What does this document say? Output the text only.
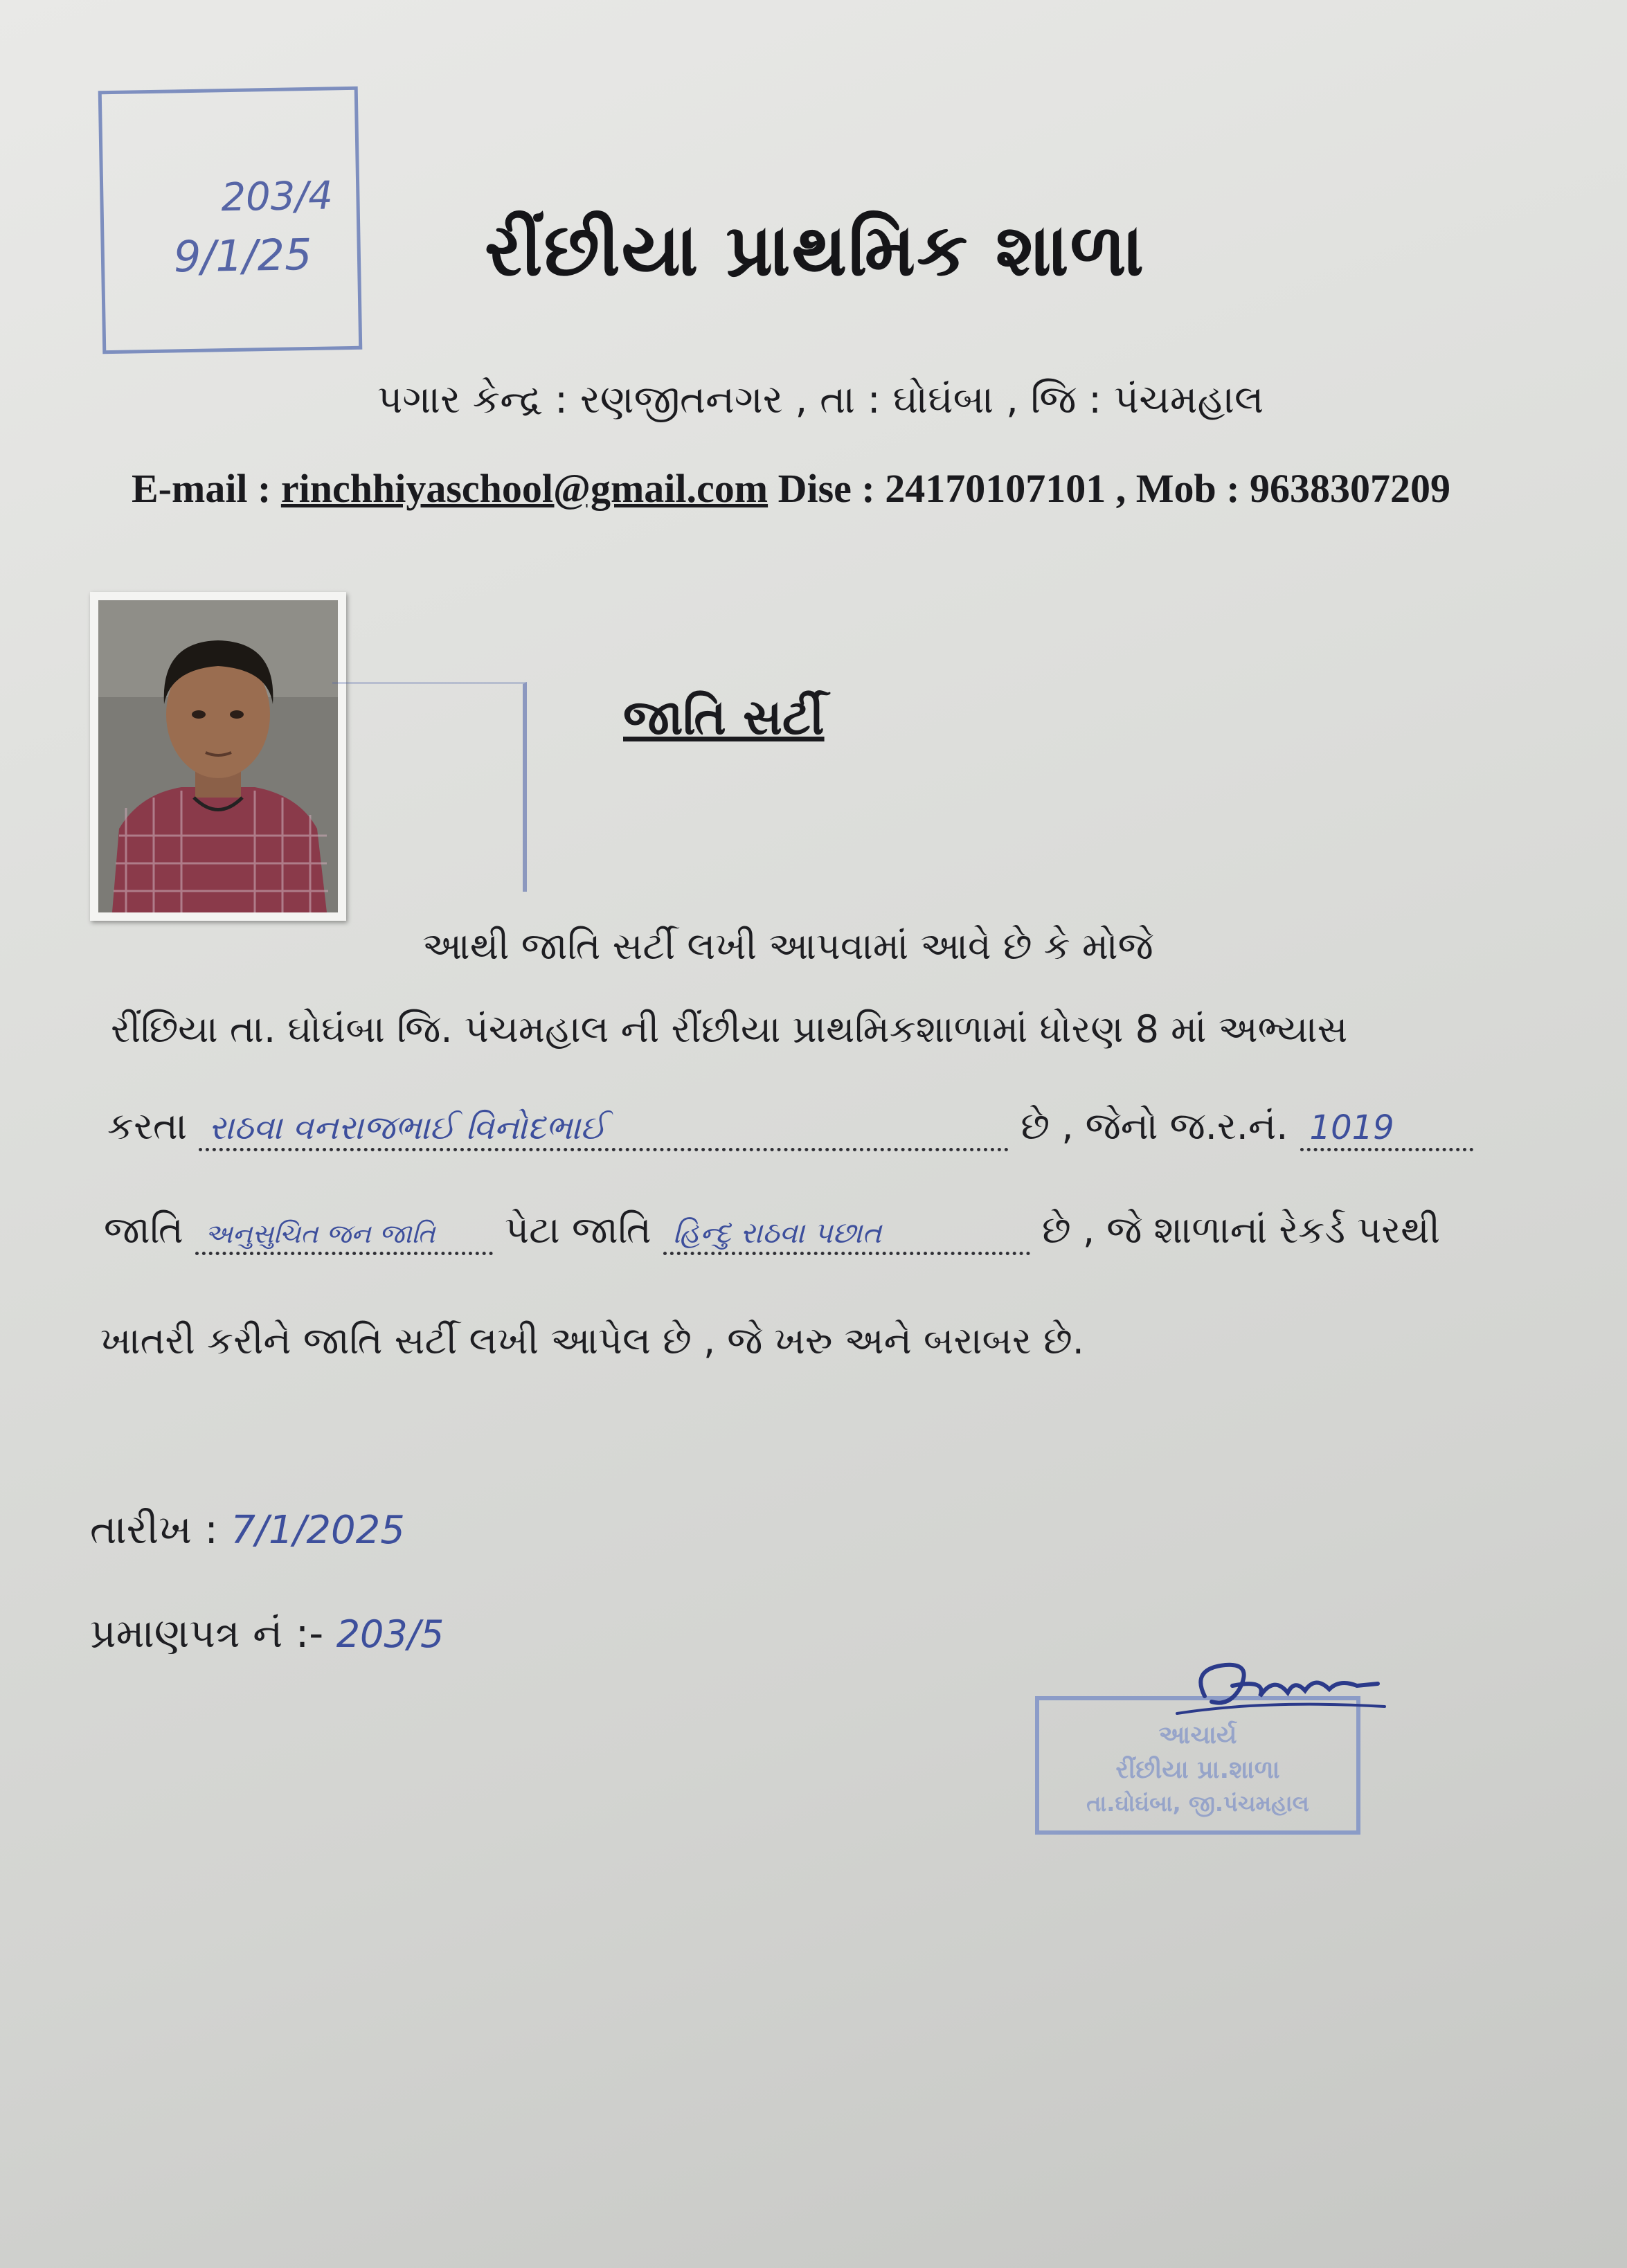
203/4
9/1/25 રીંછીયા પ્રાથમિક શાળા
પગાર કેન્દ્ર : રણજીતનગર , તા : ઘોઘંબા , જિ : પંચમહાલ
E-mail : rinchhiyaschool@gmail.com Dise : 24170107101 , Mob : 9638307209
જાતિ સર્ટી
આથી જાતિ સર્ટી લખી આપવામાં આવે છે કે મોજે
રીંછિયા તા. ઘોઘંબા જિ. પંચમહાલ ની રીંછીયા પ્રાથમિકશાળામાં ધોરણ 8 માં અભ્યાસ
કરતા રાઠવા વનરાજભાઈ વિનોદભાઈ	છે , જેનો જ.ર.નં. 1019
જાતિ અનુસુચિત જન જાતિ પેટા જાતિ હિન્દુ રાઠવા પછાત	છે , જે શાળાનાં રેકર્ડ પરથી
ખાતરી કરીને જાતિ સર્ટી લખી આપેલ છે , જે ખરુ અને બરાબર છે.
તારીખ : 7/1/2025
પ્રમાણપત્ર નં :- 203/5
આચાર્ય
રીંછીયા પ્રા.શાળા
તા.ઘોઘંબા, જી.પંચમહાલ
